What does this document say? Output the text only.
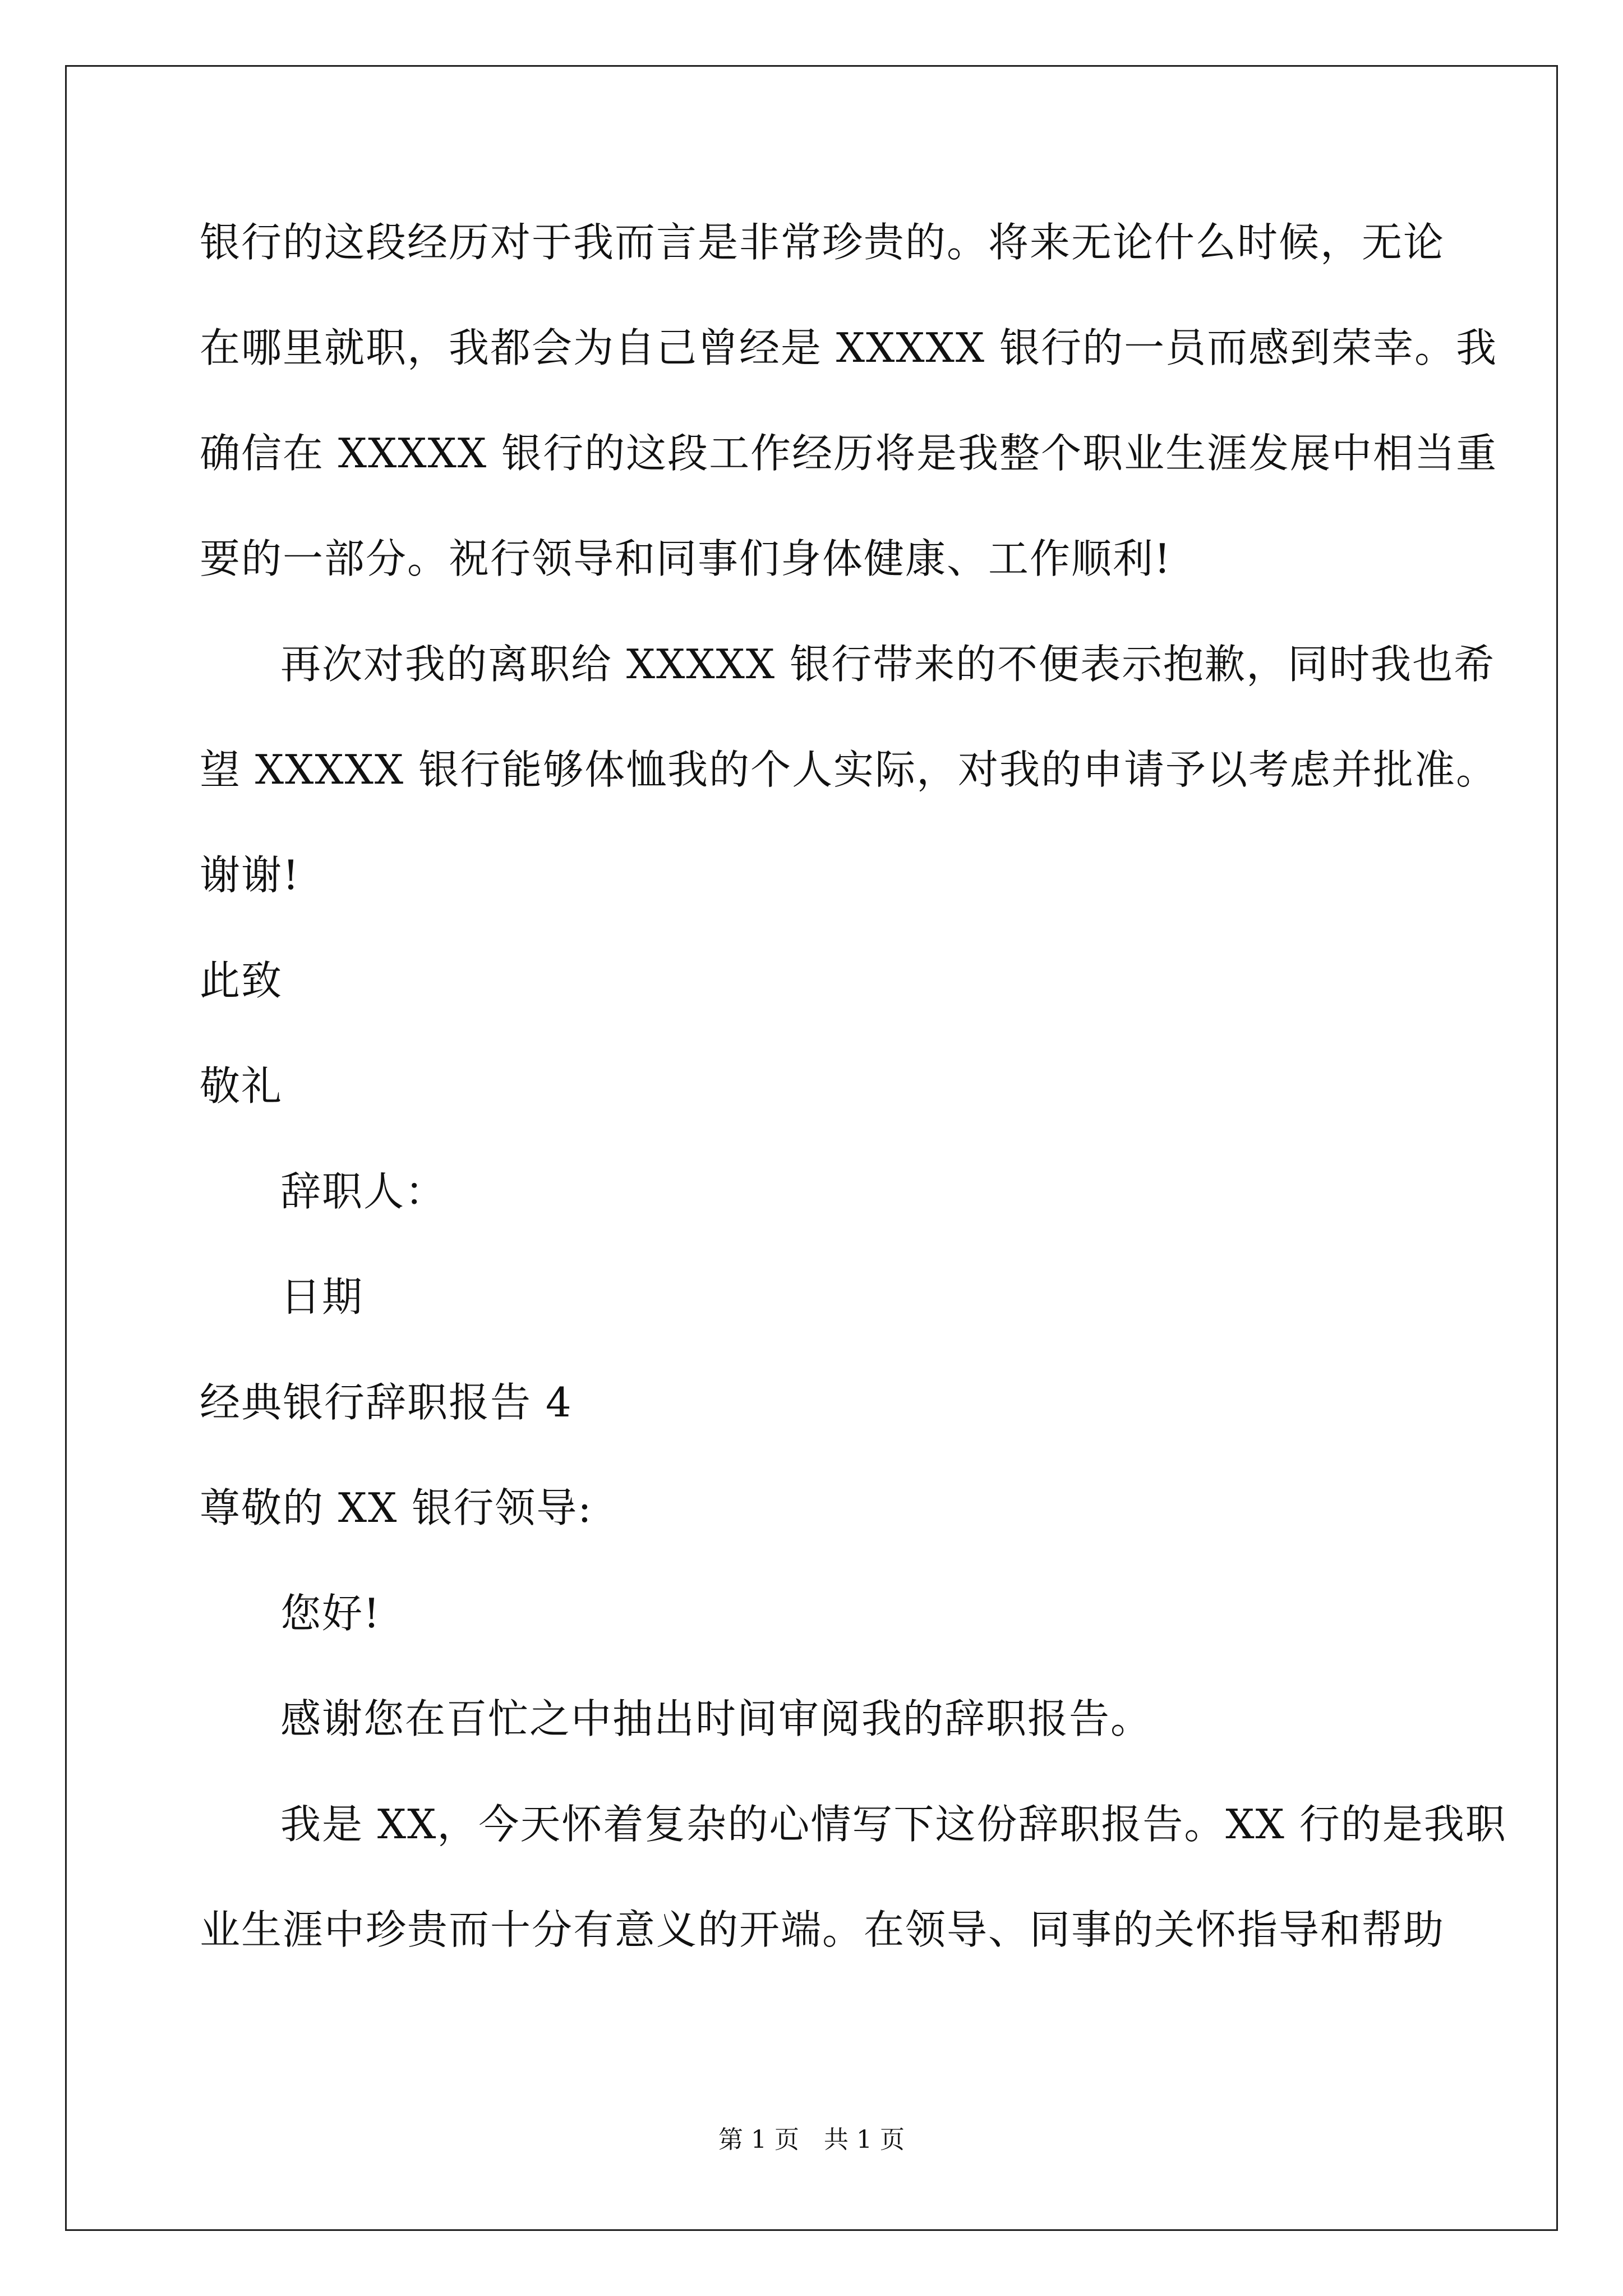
银行的这段经历对于我而言是非常珍贵的。将来无论什么时候，无论
在哪里就职，我都会为自己曾经是 XXXXX 银行的一员而感到荣幸。我
确信在 XXXXX 银行的这段工作经历将是我整个职业生涯发展中相当重
要的一部分。祝行领导和同事们身体健康、工作顺利!
再次对我的离职给 XXXXX 银行带来的不便表示抱歉，同时我也希
望 XXXXX 银行能够体恤我的个人实际，对我的申请予以考虑并批准。
谢谢!
此致
敬礼
辞职人：
日期
经典银行辞职报告 4
尊敬的 XX 银行领导:
您好!
感谢您在百忙之中抽出时间审阅我的辞职报告。
我是 XX，今天怀着复杂的心情写下这份辞职报告。XX 行的是我职
业生涯中珍贵而十分有意义的开端。在领导、同事的关怀指导和帮助
第 1 页　共 1 页
